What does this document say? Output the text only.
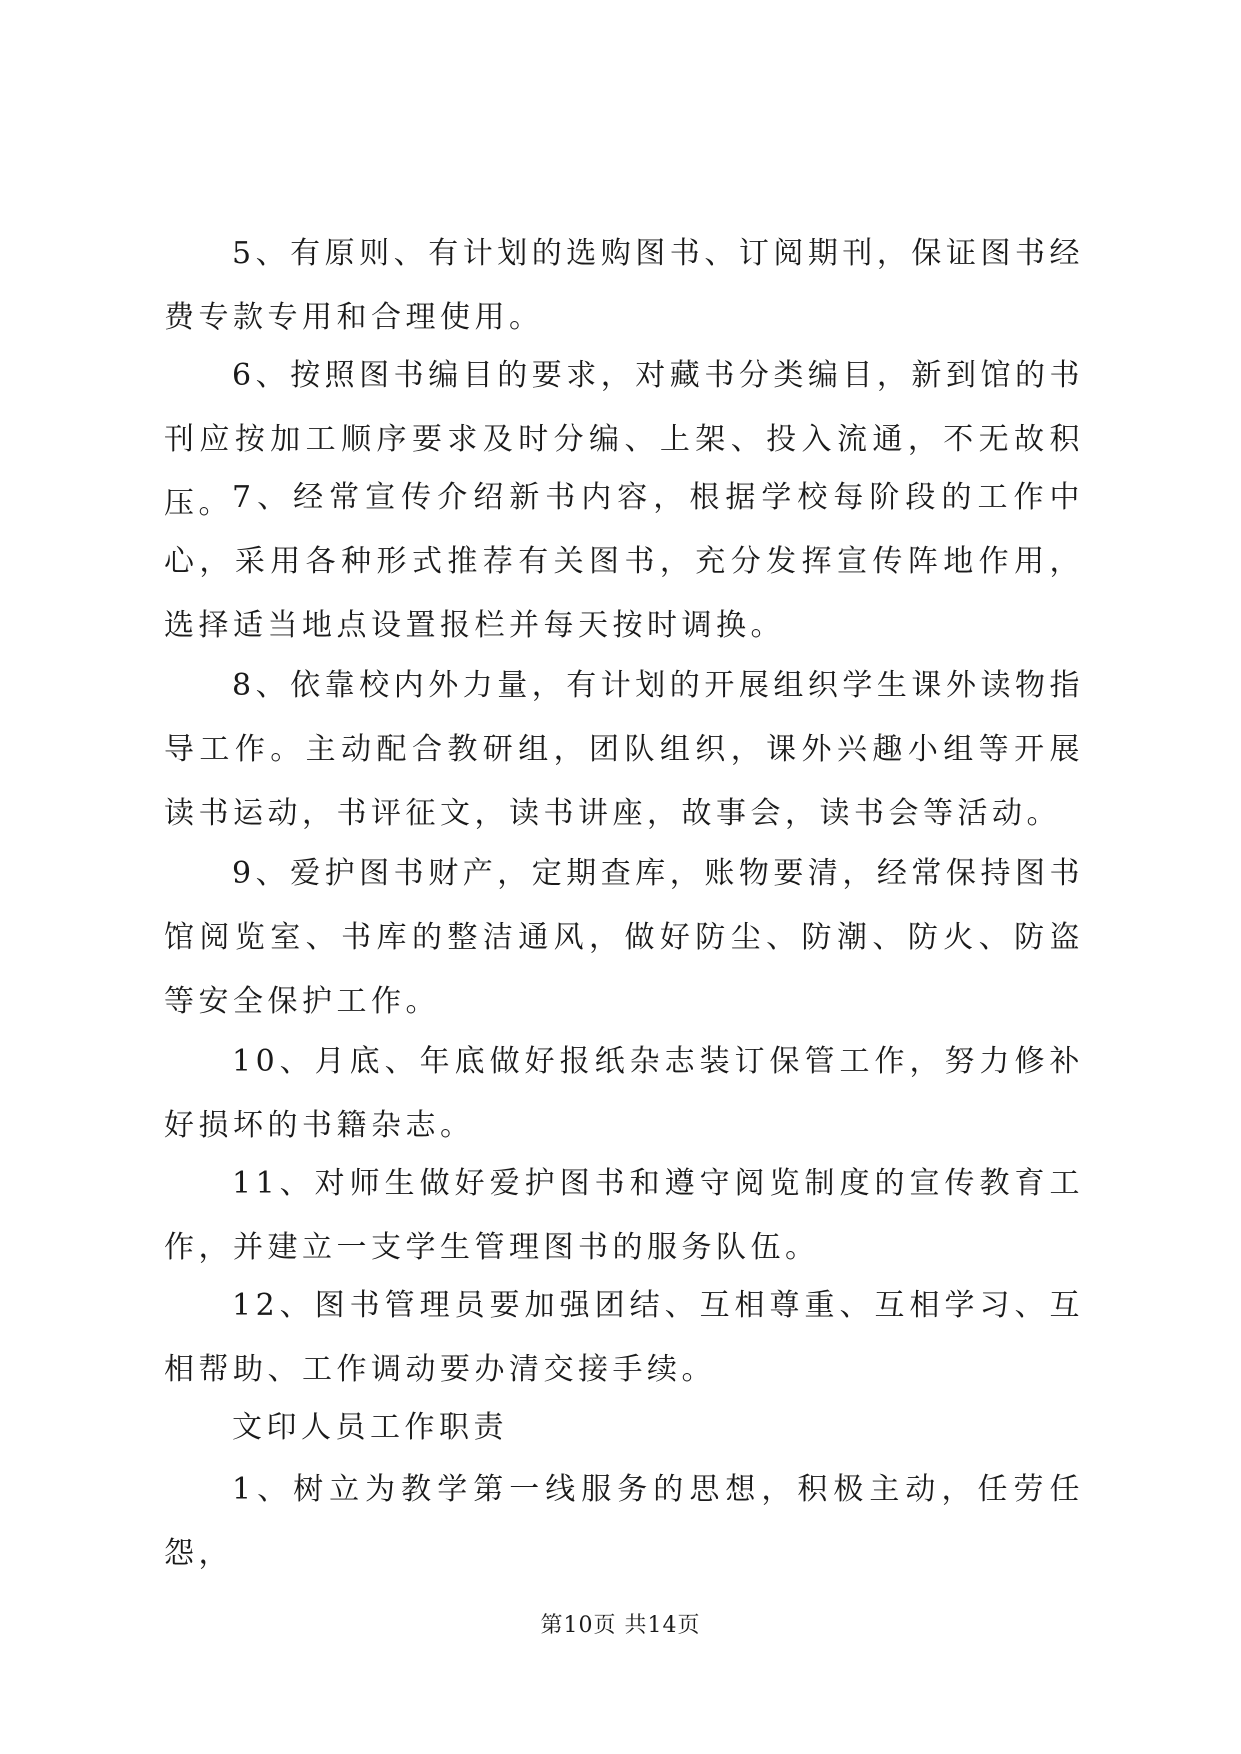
5、有原则、有计划的选购图书、订阅期刊，保证图书经费专款专用和合理使用。

6、按照图书编目的要求，对藏书分类编目，新到馆的书刊应按加工顺序要求及时分编、上架、投入流通，不无故积压。 7、经常宣传介绍新书内容，根据学校每阶段的工作中心，采用各种形式推荐有关图书，充分发挥宣传阵地作用，选择适当地点设置报栏并每天按时调换。

8、依靠校内外力量，有计划的开展组织学生课外读物指导工作。主动配合教研组，团队组织，课外兴趣小组等开展读书运动，书评征文，读书讲座，故事会，读书会等活动。

9、爱护图书财产，定期查库，账物要清，经常保持图书馆阅览室、书库的整洁通风，做好防尘、防潮、防火、防盗等安全保护工作。

10、月底、年底做好报纸杂志装订保管工作，努力修补好损坏的书籍杂志。

11、对师生做好爱护图书和遵守阅览制度的宣传教育工作，并建立一支学生管理图书的服务队伍。

12、图书管理员要加强团结、互相尊重、互相学习、互相帮助、工作调动要办清交接手续。

文印人员工作职责

1、树立为教学第一线服务的思想，积极主动，任劳任怨，

第10页 共14页
